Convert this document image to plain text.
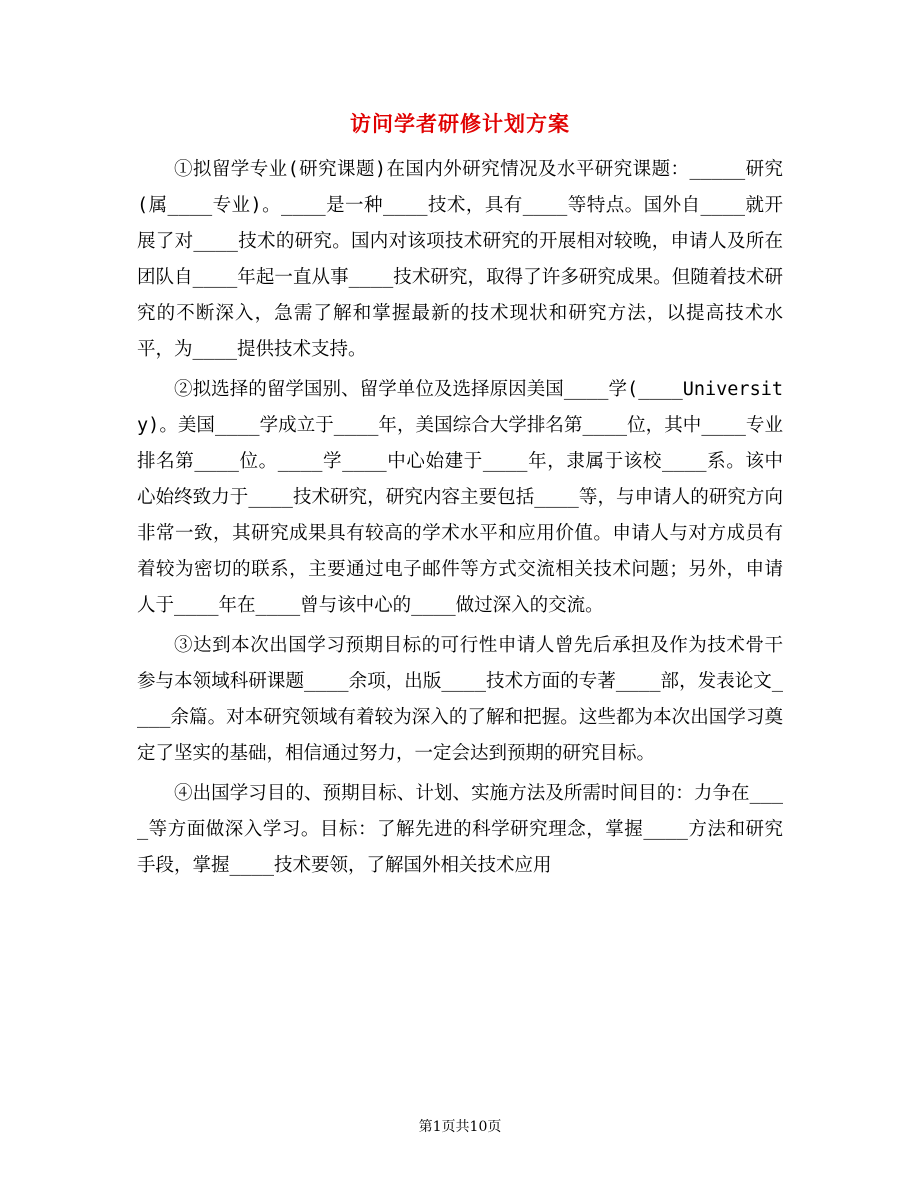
访问学者研修计划方案

①拟留学专业(研究课题)在国内外研究情况及水平研究课题：_____研究(属____专业)。____是一种____技术，具有____等特点。国外自____就开展了对____技术的研究。国内对该项技术研究的开展相对较晚，申请人及所在团队自____年起一直从事____技术研究，取得了许多研究成果。但随着技术研究的不断深入，急需了解和掌握最新的技术现状和研究方法，以提高技术水平，为____提供技术支持。

②拟选择的留学国别、留学单位及选择原因美国____学(____University)。美国____学成立于____年，美国综合大学排名第____位，其中____专业排名第____位。____学____中心始建于____年，隶属于该校____系。该中心始终致力于____技术研究，研究内容主要包括____等，与申请人的研究方向非常一致，其研究成果具有较高的学术水平和应用价值。申请人与对方成员有着较为密切的联系，主要通过电子邮件等方式交流相关技术问题；另外，申请人于____年在____曾与该中心的____做过深入的交流。

③达到本次出国学习预期目标的可行性申请人曾先后承担及作为技术骨干参与本领域科研课题____余项，出版____技术方面的专著____部，发表论文____余篇。对本研究领域有着较为深入的了解和把握。这些都为本次出国学习奠定了坚实的基础，相信通过努力，一定会达到预期的研究目标。

④出国学习目的、预期目标、计划、实施方法及所需时间目的：力争在____等方面做深入学习。目标：了解先进的科学研究理念，掌握____方法和研究手段，掌握____技术要领，了解国外相关技术应用

第1页共10页
